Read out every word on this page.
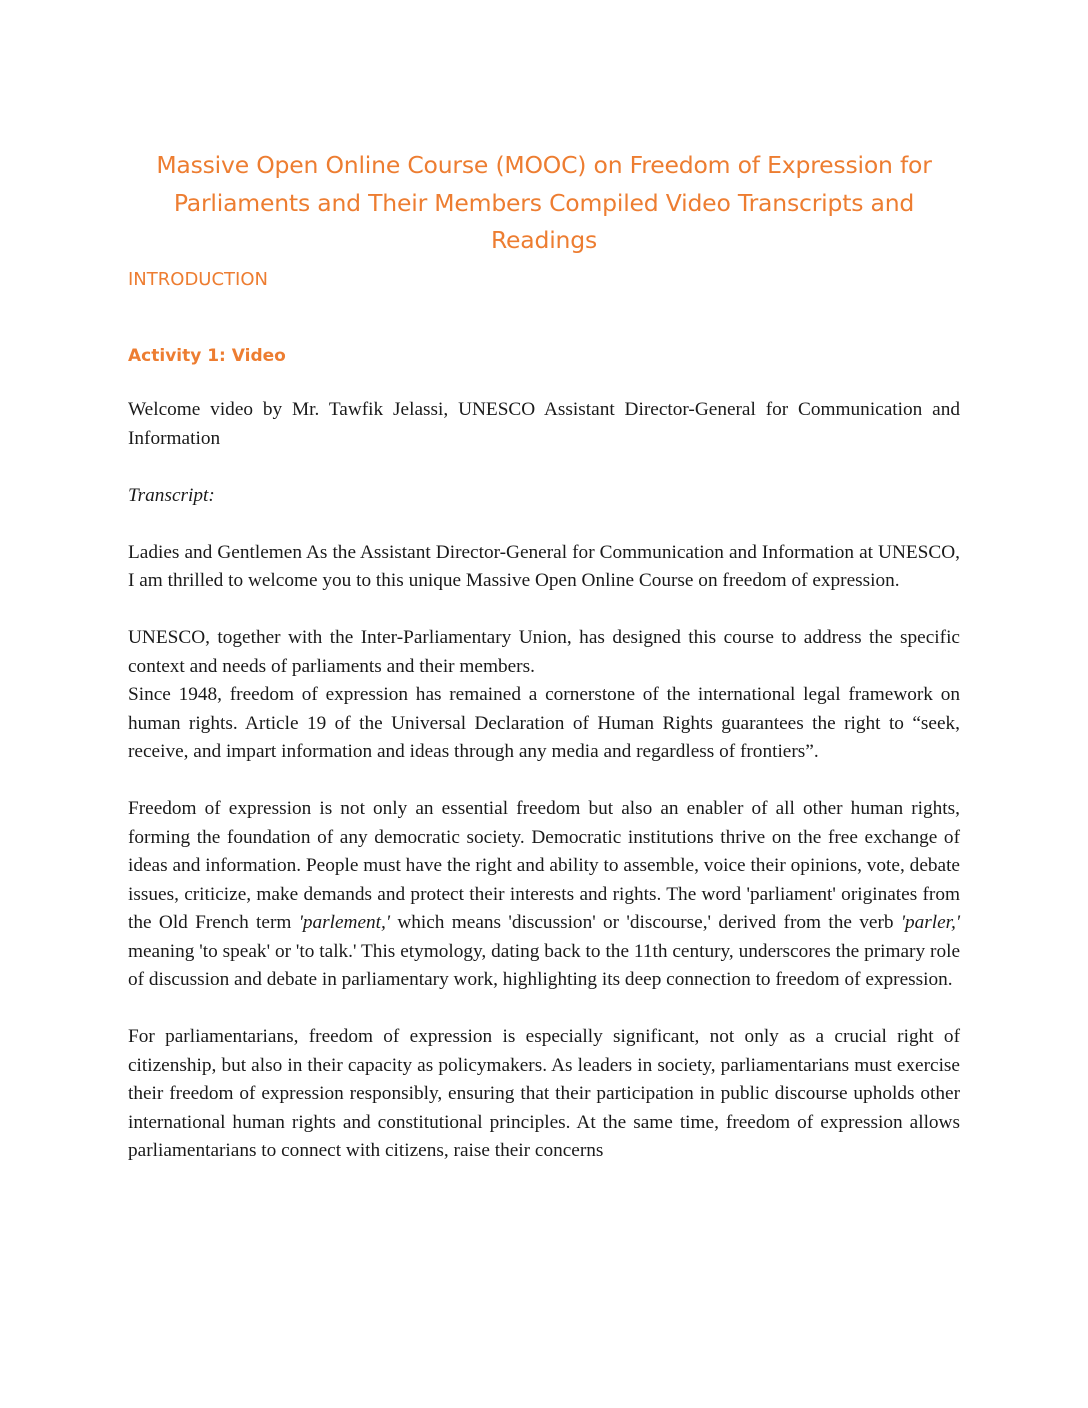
Massive Open Online Course (MOOC) on Freedom of Expression for Parliaments and Their Members Compiled Video Transcripts and Readings
INTRODUCTION
Activity 1: Video

Welcome video by Mr. Tawfik Jelassi, UNESCO Assistant Director-General for Communication and Information

Transcript:

Ladies and Gentlemen As the Assistant Director-General for Communication and Information at UNESCO, I am thrilled to welcome you to this unique Massive Open Online Course on freedom of expression.

UNESCO, together with the Inter-Parliamentary Union, has designed this course to address the specific context and needs of parliaments and their members.

Since 1948, freedom of expression has remained a cornerstone of the international legal framework on human rights. Article 19 of the Universal Declaration of Human Rights guarantees the right to “seek, receive, and impart information and ideas through any media and regardless of frontiers”.

Freedom of expression is not only an essential freedom but also an enabler of all other human rights, forming the foundation of any democratic society. Democratic institutions thrive on the free exchange of ideas and information. People must have the right and ability to assemble, voice their opinions, vote, debate issues, criticize, make demands and protect their interests and rights. The word 'parliament' originates from the Old French term 'parlement,' which means 'discussion' or 'discourse,' derived from the verb 'parler,' meaning 'to speak' or 'to talk.' This etymology, dating back to the 11th century, underscores the primary role of discussion and debate in parliamentary work, highlighting its deep connection to freedom of expression.

For parliamentarians, freedom of expression is especially significant, not only as a crucial right of citizenship, but also in their capacity as policymakers. As leaders in society, parliamentarians must exercise their freedom of expression responsibly, ensuring that their participation in public discourse upholds other international human rights and constitutional principles. At the same time, freedom of expression allows parliamentarians to connect with citizens, raise their concerns
